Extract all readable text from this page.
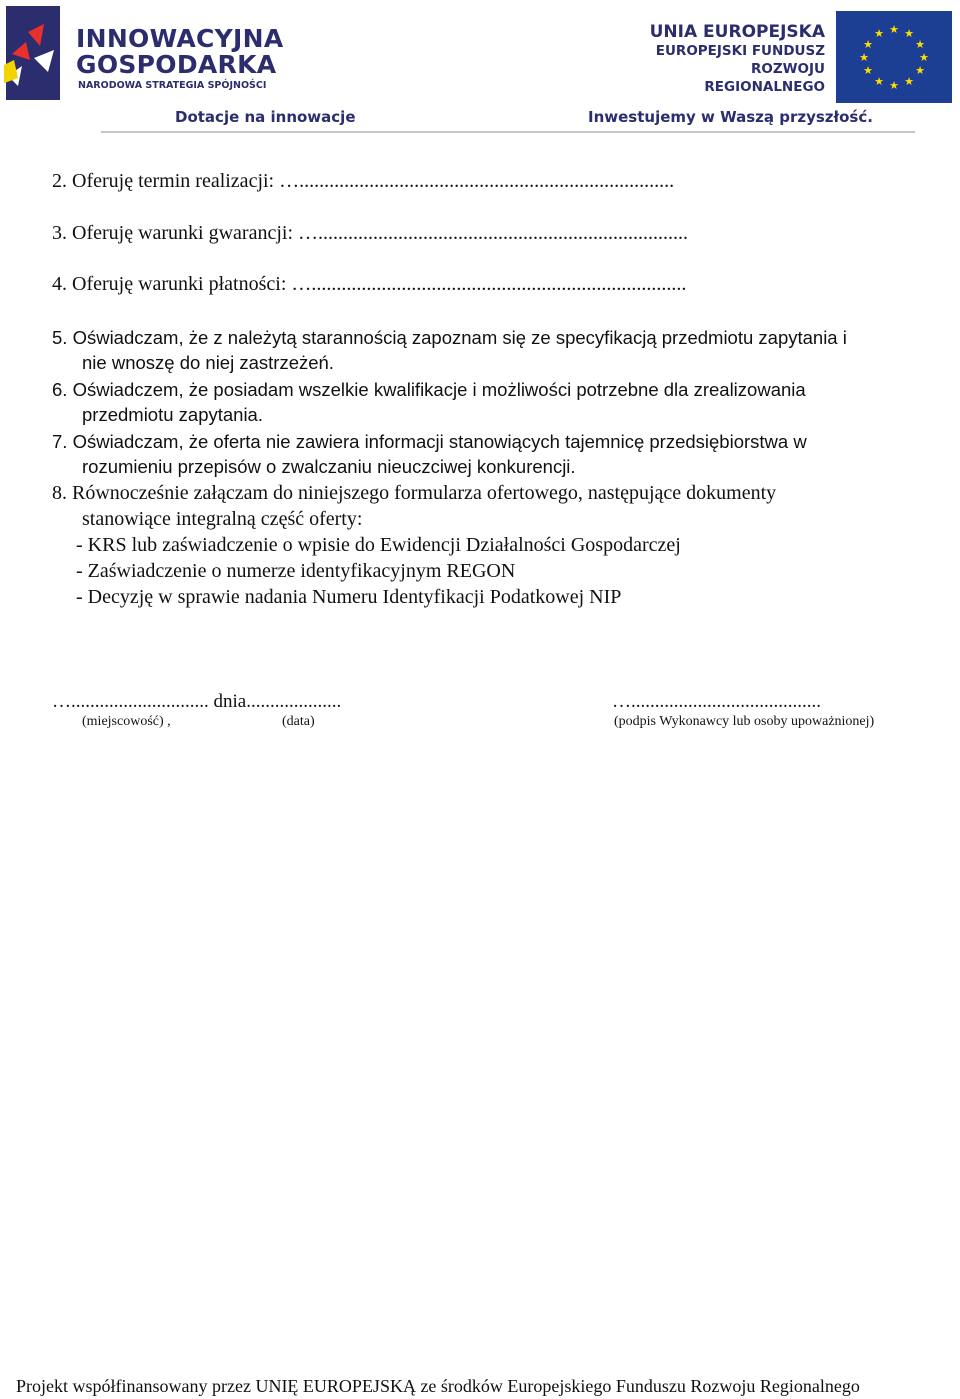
INNOWACYJNA
GOSPODARKA
NARODOWA STRATEGIA SPÓJNOŚCI
Dotacje na innowacje
UNIA EUROPEJSKA
EUROPEJSKI FUNDUSZ
ROZWOJU REGIONALNEGO
★ ★
★
★
★
★
★
★
★
★
★
★
Inwestujemy w Waszą przyszłość.
2. Oferuję termin realizacji: …...........................................................................
3. Oferuję warunki gwarancji: …..........................................................................
4. Oferuję warunki płatności: …...........................................................................
5. Oświadczam, że z należytą starannością zapoznam się ze specyfikacją przedmiotu zapytania i
nie wnoszę do niej zastrzeżeń.
6. Oświadczem, że posiadam wszelkie kwalifikacje i możliwości potrzebne dla zrealizowania
przedmiotu zapytania.
7. Oświadczam, że oferta nie zawiera informacji stanowiących tajemnicę przedsiębiorstwa w
rozumieniu przepisów o zwalczaniu nieuczciwej konkurencji.
8. Równocześnie załączam do niniejszego formularza ofertowego, następujące dokumenty
stanowiące integralną część oferty:
- KRS lub zaświadczenie o wpisie do Ewidencji Działalności Gospodarczej
- Zaświadczenie o numerze identyfikacyjnym REGON
- Decyzję w sprawie nadania Numeru Identyfikacji Podatkowej NIP
…............................. dnia....................	…........................................
(miejscowość) ,	(data)	(podpis Wykonawcy lub osoby upoważnionej)
Projekt współfinansowany przez UNIĘ EUROPEJSKĄ ze środków Europejskiego Funduszu Rozwoju Regionalnego
